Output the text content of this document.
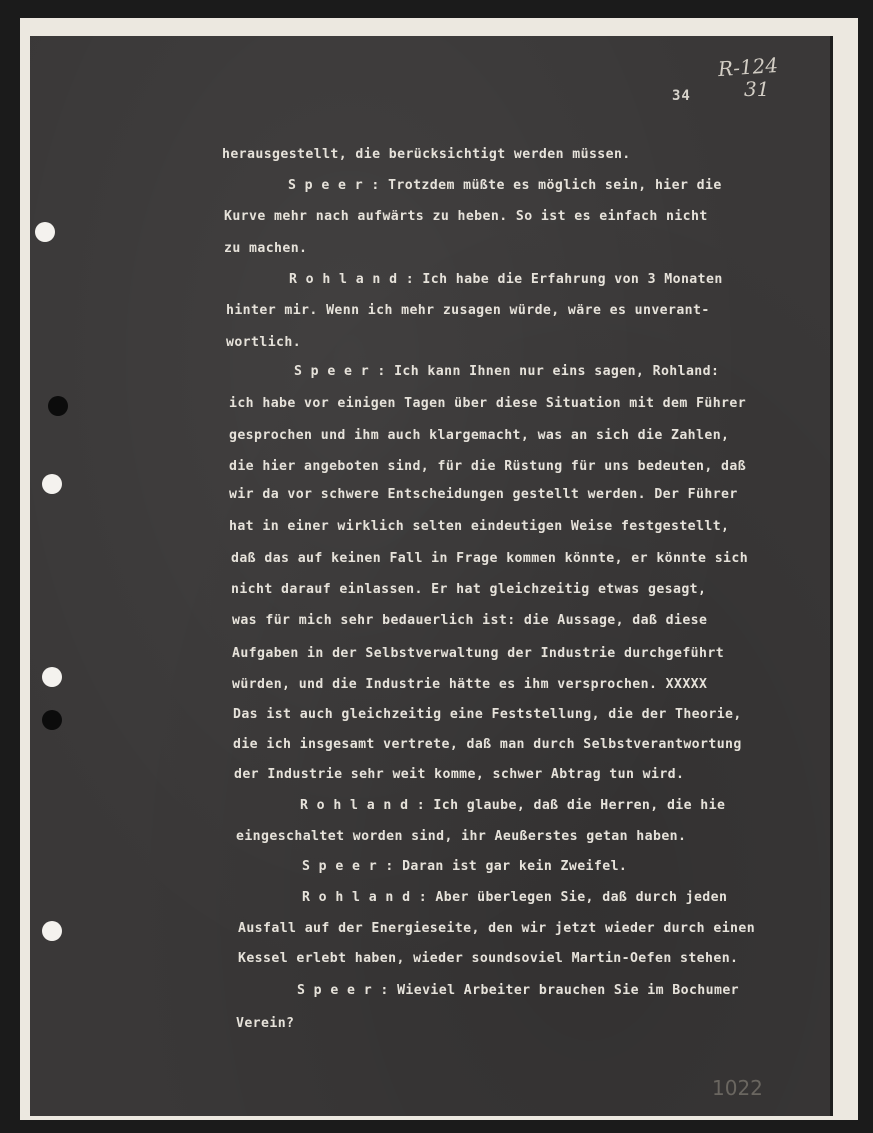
34
R-124
31
herausgestellt, die berücksichtigt werden müssen.
S p e e r : Trotzdem müßte es möglich sein, hier die
Kurve mehr nach aufwärts zu heben. So ist es einfach nicht
zu machen.
R o h l a n d : Ich habe die Erfahrung von 3 Monaten
hinter mir. Wenn ich mehr zusagen würde, wäre es unverant-
wortlich.
S p e e r : Ich kann Ihnen nur eins sagen, Rohland:
ich habe vor einigen Tagen über diese Situation mit dem Führer
gesprochen und ihm auch klargemacht, was an sich die Zahlen,
die hier angeboten sind, für die Rüstung für uns bedeuten, daß
wir da vor schwere Entscheidungen gestellt werden. Der Führer
hat in einer wirklich selten eindeutigen Weise festgestellt,
daß das auf keinen Fall in Frage kommen könnte, er könnte sich
nicht darauf einlassen. Er hat gleichzeitig etwas gesagt,
was für mich sehr bedauerlich ist: die Aussage, daß diese
Aufgaben in der Selbstverwaltung der Industrie durchgeführt
würden, und die Industrie hätte es ihm versprochen. XXXXX
Das ist auch gleichzeitig eine Feststellung, die der Theorie,
die ich insgesamt vertrete, daß man durch Selbstverantwortung
der Industrie sehr weit komme, schwer Abtrag tun wird.
R o h l a n d : Ich glaube, daß die Herren, die hie
eingeschaltet worden sind, ihr Aeußerstes getan haben.
S p e e r : Daran ist gar kein Zweifel.
R o h l a n d : Aber überlegen Sie, daß durch jeden
Ausfall auf der Energieseite, den wir jetzt wieder durch einen
Kessel erlebt haben, wieder soundsoviel Martin-Oefen stehen.
S p e e r : Wieviel Arbeiter brauchen Sie im Bochumer
Verein?
1022
